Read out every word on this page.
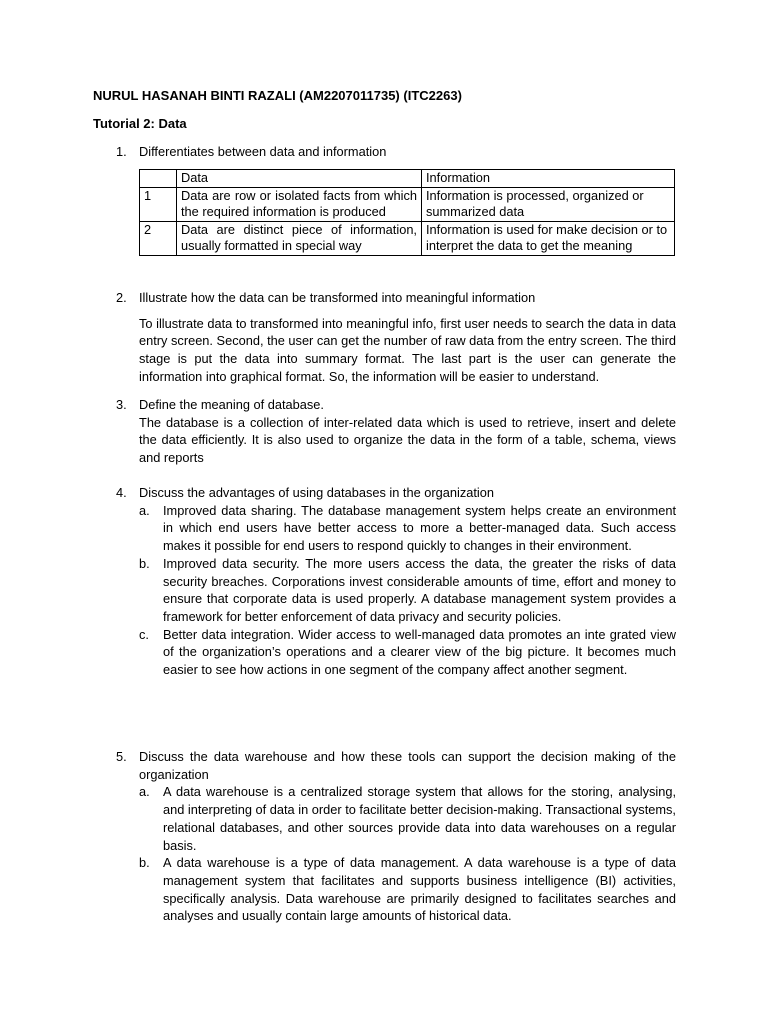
NURUL HASANAH BINTI RAZALI (AM2207011735) (ITC2263)
Tutorial 2: Data
1. Differentiates between data and information
	Data	Information
1	Data are row or isolated facts from which the required information is produced	Information is processed, organized or summarized data
2	Data are distinct piece of information, usually formatted in special way	Information is used for make decision or to interpret the data to get the meaning
2. Illustrate how the data can be transformed into meaningful information
To illustrate data to transformed into meaningful info, first user needs to search the data in data entry screen. Second, the user can get the number of raw data from the entry screen. The third stage is put the data into summary format. The last part is the user can generate the information into graphical format. So, the information will be easier to understand.
3. Define the meaning of database.
The database is a collection of inter-related data which is used to retrieve, insert and delete the data efficiently. It is also used to organize the data in the form of a table, schema, views and reports
4. Discuss the advantages of using databases in the organization
a. Improved data sharing. The database management system helps create an environment in which end users have better access to more a better-managed data. Such access makes it possible for end users to respond quickly to changes in their environment.
b. Improved data security. The more users access the data, the greater the risks of data security breaches. Corporations invest considerable amounts of time, effort and money to ensure that corporate data is used properly. A database management system provides a framework for better enforcement of data privacy and security policies.
c. Better data integration. Wider access to well-managed data promotes an inte grated view of the organization’s operations and a clearer view of the big picture. It becomes much easier to see how actions in one segment of the company affect another segment.
5. Discuss the data warehouse and how these tools can support the decision making of the organization
a. A data warehouse is a centralized storage system that allows for the storing, analysing, and interpreting of data in order to facilitate better decision-making. Transactional systems, relational databases, and other sources provide data into data warehouses on a regular basis.
b. A data warehouse is a type of data management. A data warehouse is a type of data management system that facilitates and supports business intelligence (BI) activities, specifically analysis. Data warehouse are primarily designed to facilitates searches and analyses and usually contain large amounts of historical data.
